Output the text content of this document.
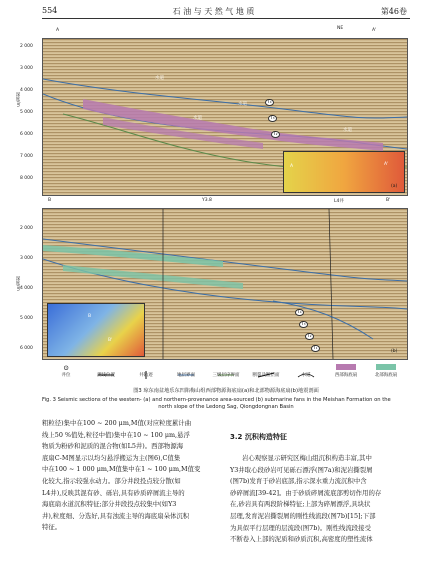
554	石 油 与 天 然 气 地 质	第46卷
A	NE	A'
水道
水道
水道
水道
T₄
T₃
T₂
A	A'
(a)
深度/m
2 000
3 000
4 000
5 000
6 000
7 000
8 000
B	Y3.8	L4井	B'
T₄
T₃
T₂
T₁
B
B'
(b)
深度/m
2 000
3 000
4 000
5 000
6 000
⊙
井位	测线位置	井轨迹	地层界面	三级层序界面	断裂及断层面	水道	西部海底扇	北部海底扇
图3 琼东南盆地乐东凹陷梅山组西部物源海底扇(a)和北部物源海底扇(b)地震剖面
Fig. 3 Seismic sections of the western- (a) and northern-provenance area-sourced (b) submarine fans in the Meishan Formation on the
north slope of the Ledong Sag, Qiongdongnan Basin
粗粒径)集中在100 ~ 200 μm,M值(对应粒度累计曲
线上50 %值处,粒径中值)集中在10 ~ 100 μm,悬浮
物质为粉砂和泥质的混合物(如L5井)。西部物源海
底扇C-M图显示以均匀悬浮搬运为主(图6),C值集
中在100 ~ 1 000 μm,M值集中在1 ~ 100 μm,M值变
化较大,指示较强水动力。部分井段投点较分散(如
L4井),反映其混有砂、砾岩,具有砂质碎屑流主导的
海底扇水道沉积特征;部分井段投点较集中(如Y3
井),粒度细、分选好,具有浊流主导的海底扇朵体沉积
特征。
3.2 沉积构造特征
岩心观察显示研究区梅山组沉积构造丰富,其中
Y3井取心段砂岩可见砾石漂浮(图7a)和泥岩撕裂屑
(图7b)发育于砂岩底部,指示深水重力流沉积中含
砂碎屑流[39-42]。由于砂质碎屑流底部剪切作用的存
在,砂岩具有两段阶梯特征;上部为碎屑漂浮,具块状
层理,发育泥岩撕裂屑的刚性线流段(图7b)[15];下部
为具似平行层理的层流段(图7b)。刚性线流段接受
不断卷入上部的泥质和砂质沉积,高密度的塑性流体
